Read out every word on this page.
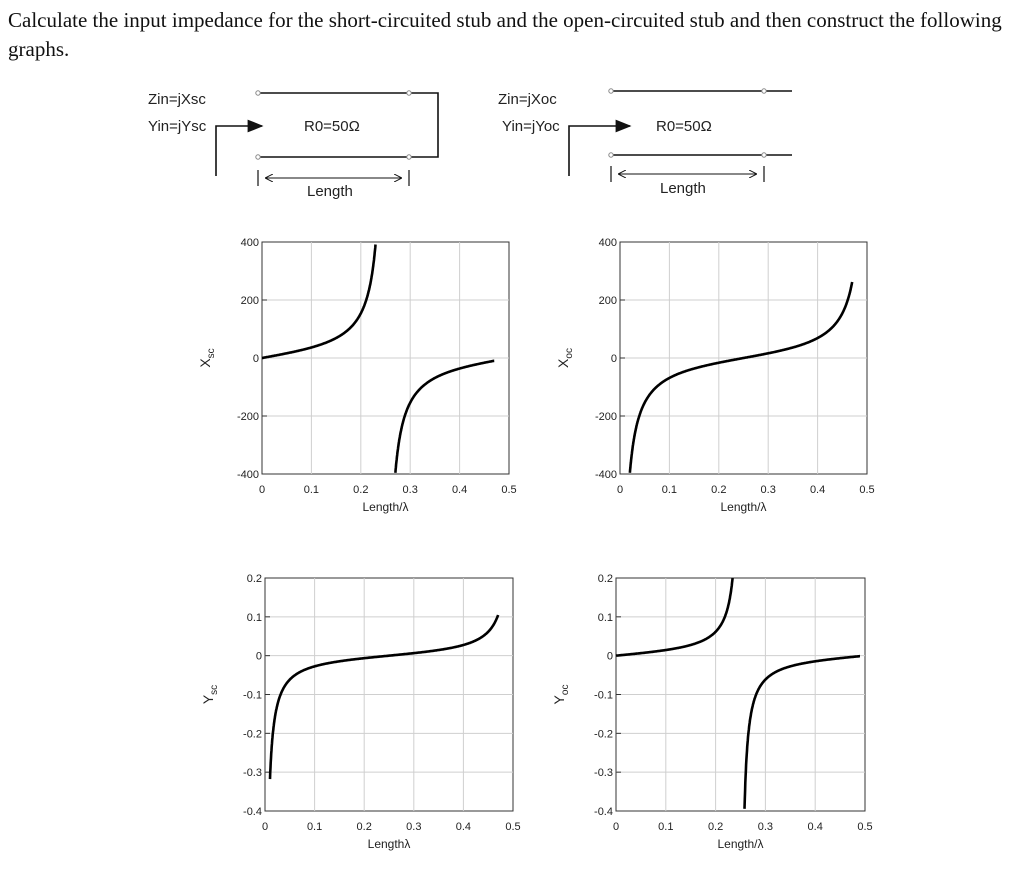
Calculate the input impedance for the short-circuited stub and the open-circuited stub and then construct the following graphs.
Zin=jXsc
Yin=jYsc	R0=50Ω
Length
Zin=jXoc
Yin=jYoc	R0=50Ω
Length
0	0.1	0.2	0.3	0.4	0.5
400
200
0
-200
-400
Length/λ
$X_{sc}$
0	0.1	0.2	0.3	0.4	0.5
400
200
0
-200
-400
Length/λ
$X_{oc}$
0	0.1	0.2	0.3	0.4	0.5
0.2
0.1
0
-0.1
-0.2
-0.3
-0.4
Lengthλ
$Y_{sc}$
0	0.1	0.2	0.3	0.4	0.5
0.2
0.1
0
-0.1
-0.2
-0.3
-0.4
Length/λ
$Y_{oc}$
